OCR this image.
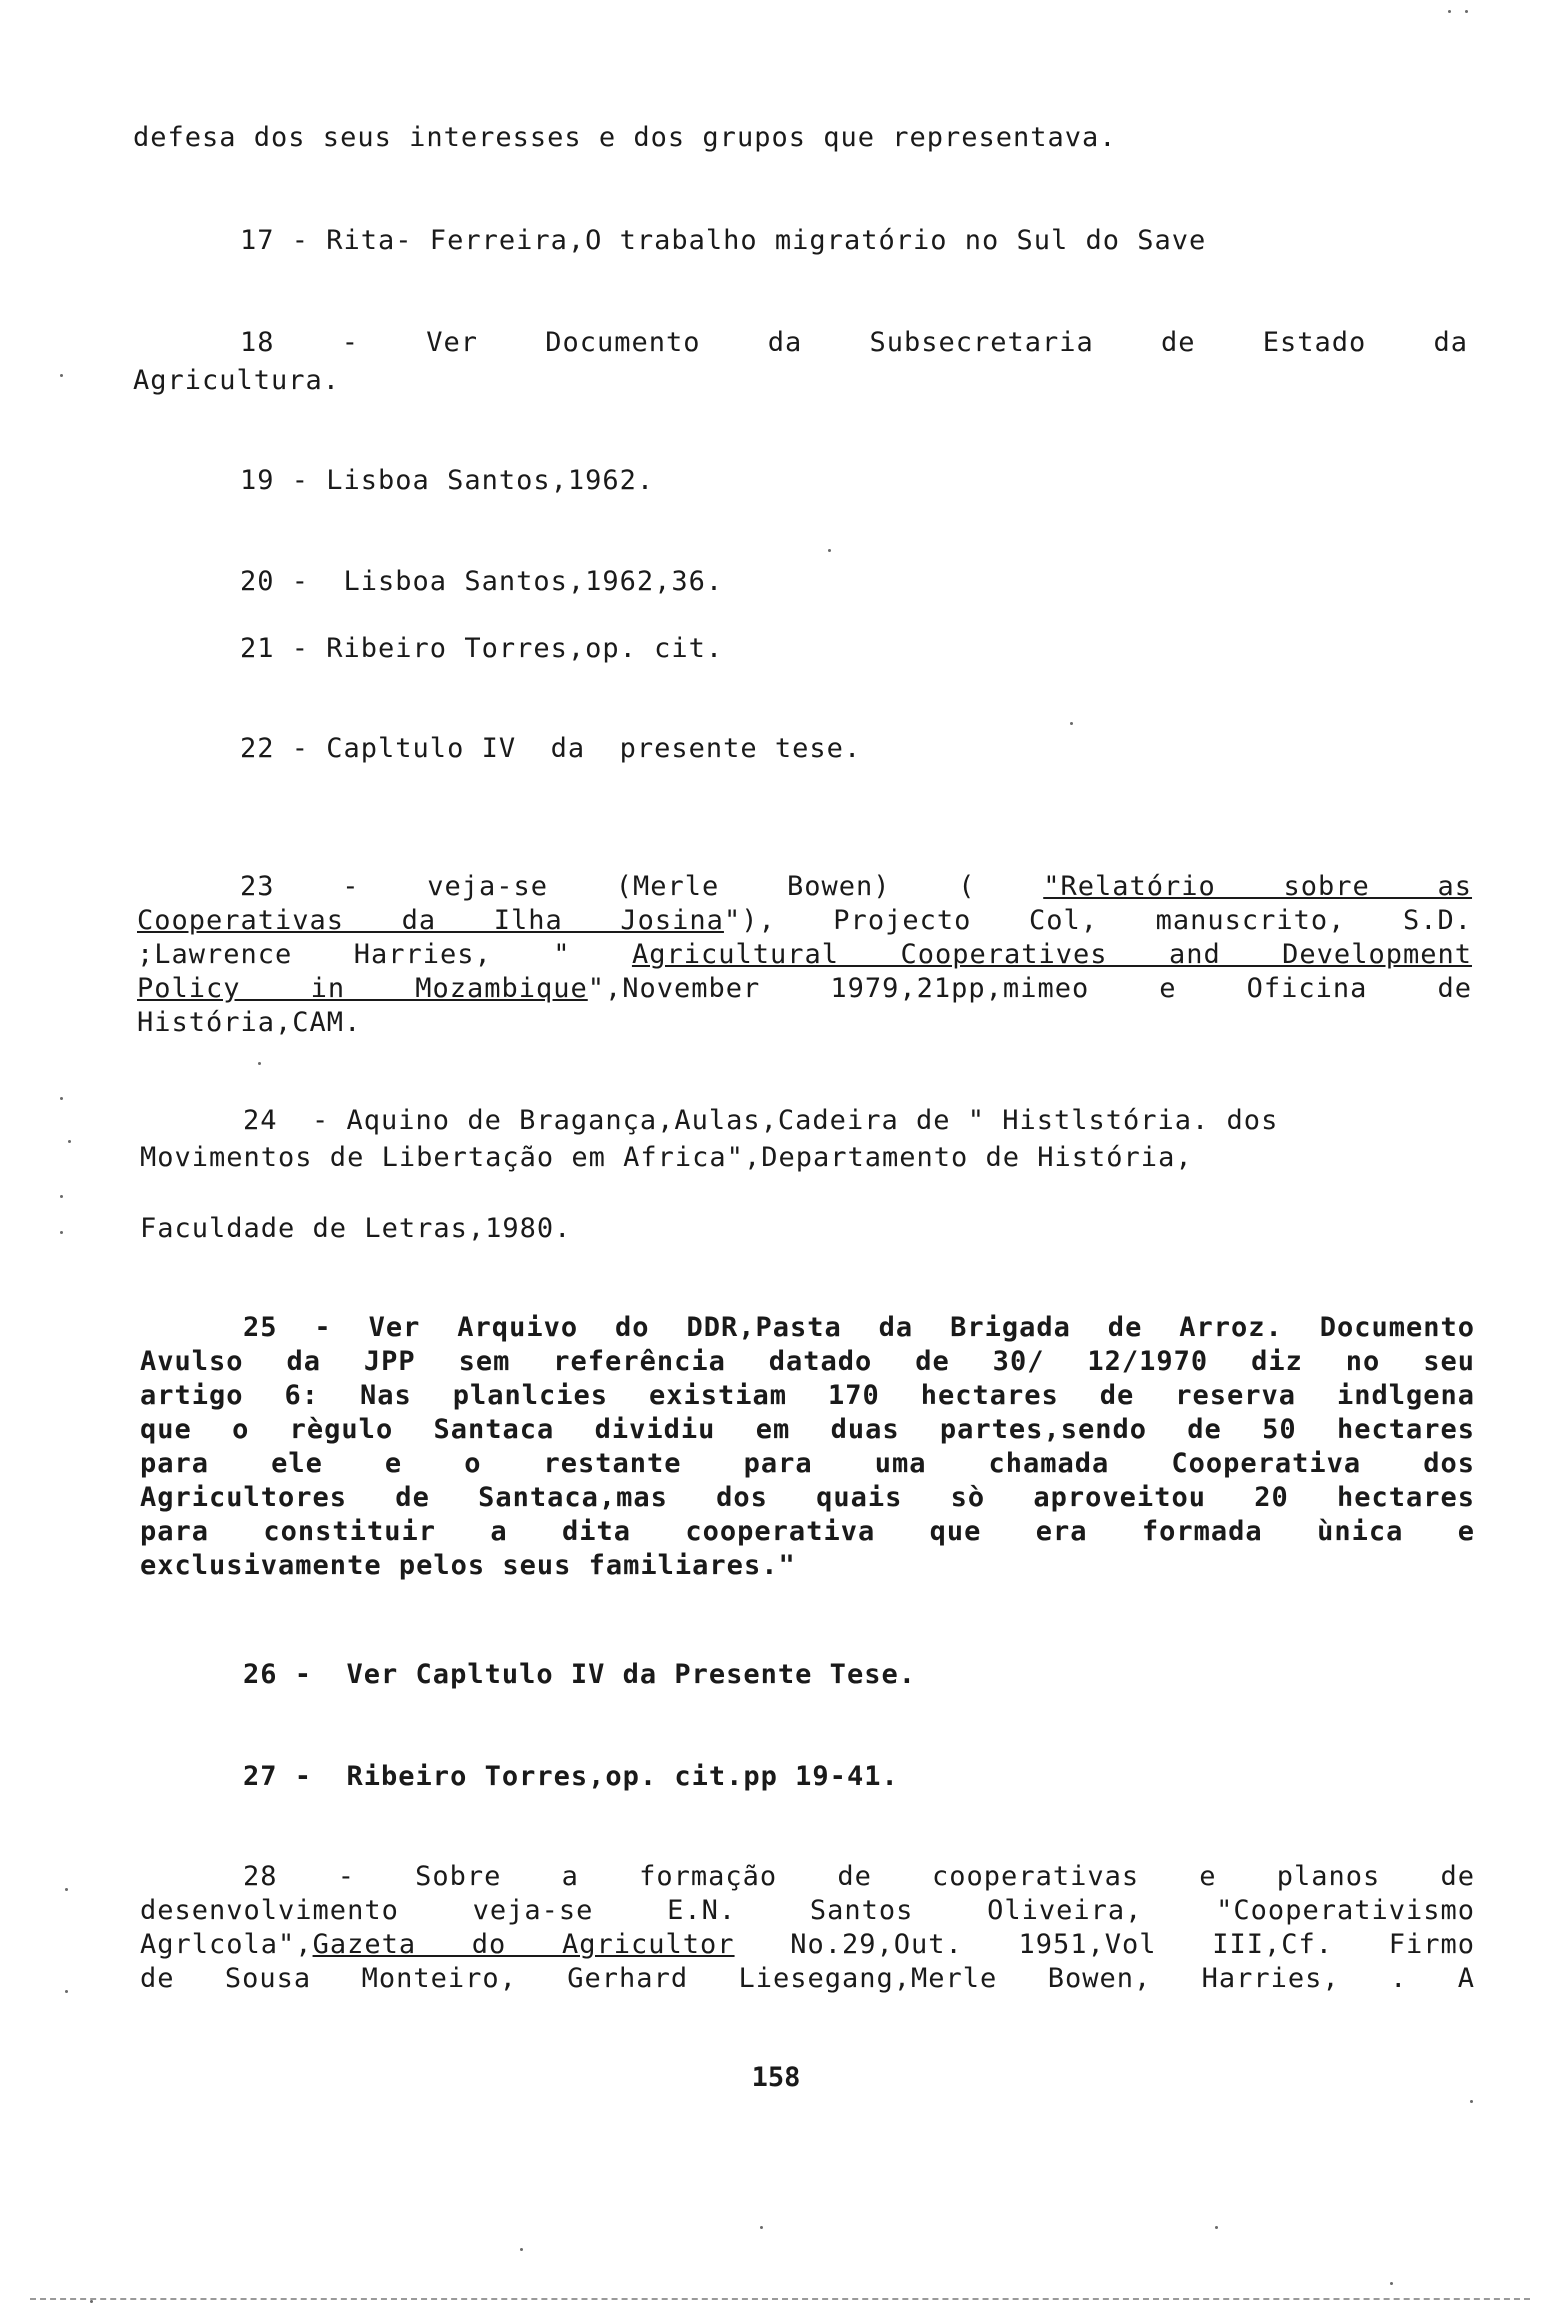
defesa dos seus interesses e dos grupos que representava.
17 - Rita- Ferreira,O trabalho migratório no Sul do Save
18 - Ver Documento da Subsecretaria de Estado da
Agricultura.
19 - Lisboa Santos,1962.
20 -  Lisboa Santos,1962,36.
21 - Ribeiro Torres,op. cit.
22 - Capltulo IV  da  presente tese.
23 - veja-se (Merle Bowen) ( "Relatório sobre as
Cooperativas da Ilha Josina"), Projecto Col, manuscrito, S.D.
;Lawrence Harries, " Agricultural Cooperatives and Development
Policy in Mozambique",November 1979,21pp,mimeo e Oficina de
História,CAM.
24  - Aquino de Bragança,Aulas,Cadeira de " Histlstória. dos
Movimentos de Libertação em Africa",Departamento de História,
Faculdade de Letras,1980.
25 - Ver Arquivo do DDR,Pasta da Brigada de Arroz. Documento
Avulso da JPP sem referência datado de 30/ 12/1970 diz no seu
artigo 6: Nas planlcies existiam 170 hectares de reserva indlgena
que o règulo Santaca dividiu em duas partes,sendo de 50 hectares
para ele e o restante para uma chamada Cooperativa dos
Agricultores de Santaca,mas dos quais sò aproveitou 20 hectares
para constituir a dita cooperativa que era formada ùnica e
exclusivamente pelos seus familiares."
26 -  Ver Capltulo IV da Presente Tese.
27 -  Ribeiro Torres,op. cit.pp 19-41.
28 - Sobre a formação de cooperativas e planos de
desenvolvimento veja-se E.N. Santos Oliveira, "Cooperativismo
Agrlcola",Gazeta do Agricultor No.29,Out. 1951,Vol III,Cf. Firmo
de Sousa Monteiro, Gerhard Liesegang,Merle Bowen, Harries, . A
158
